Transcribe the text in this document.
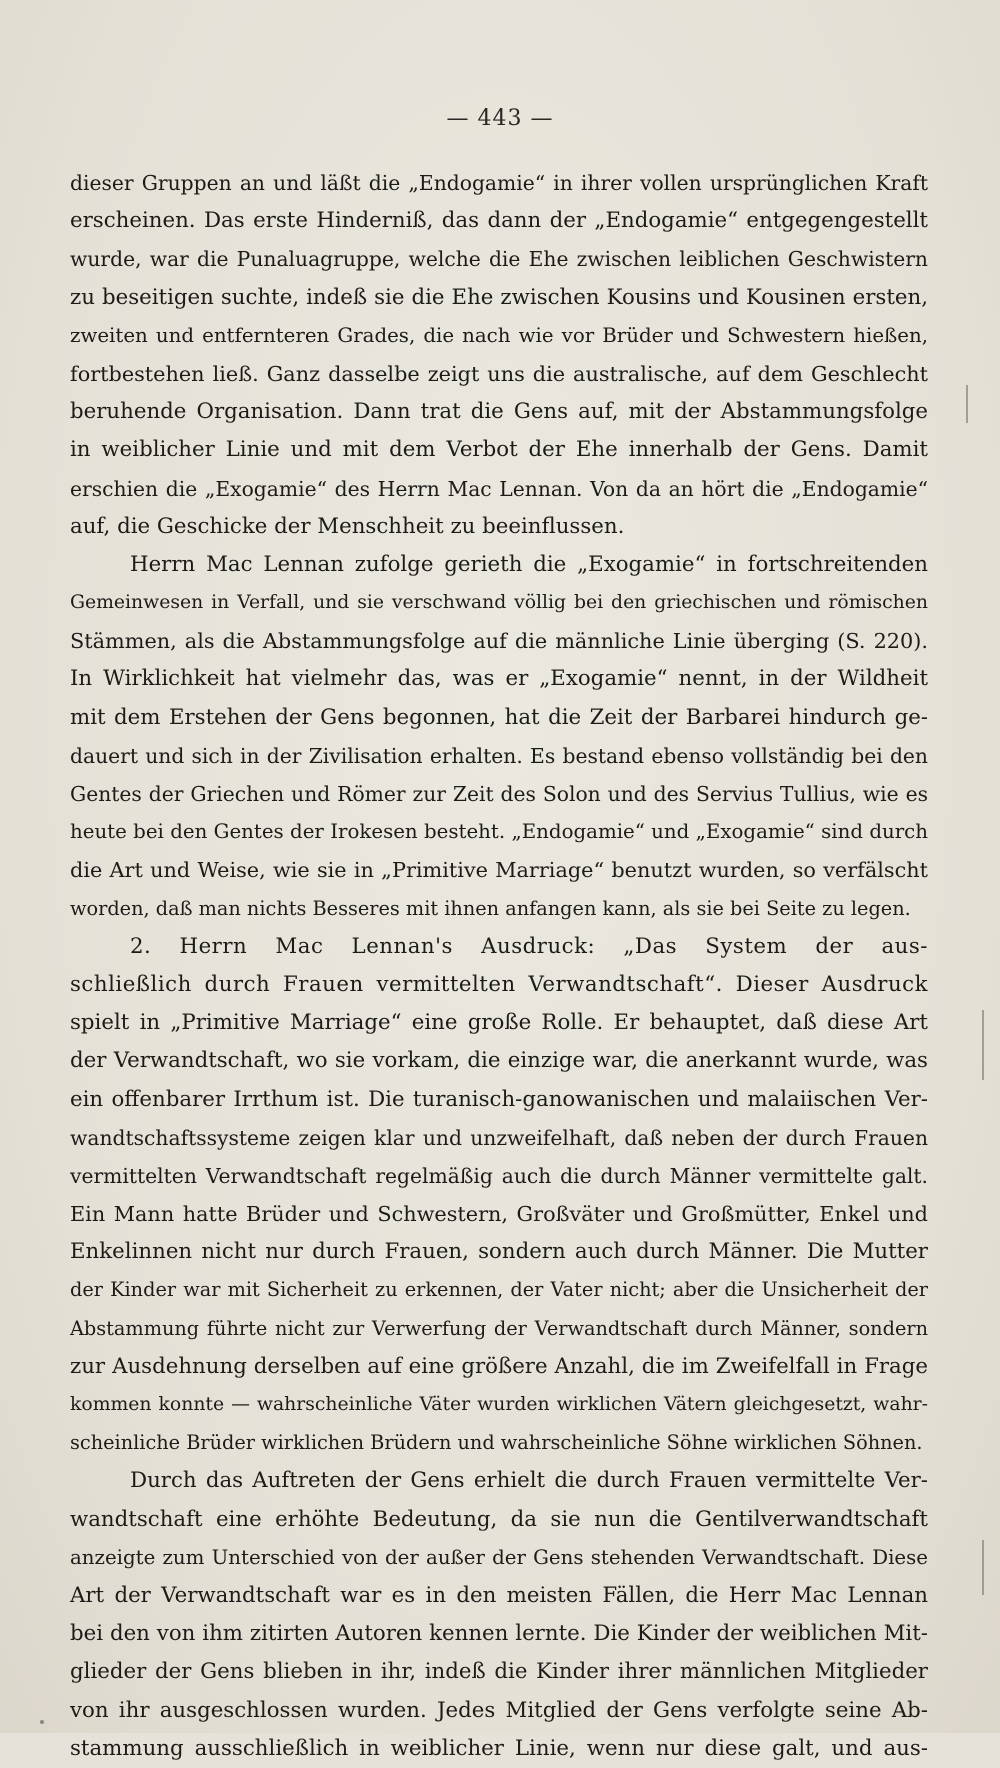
— 443 —
dieser Gruppen an und läßt die „Endogamie“ in ihrer vollen ursprünglichen Kraft
erscheinen. Das erste Hinderniß, das dann der „Endogamie“ entgegengestellt
wurde, war die Punaluagruppe, welche die Ehe zwischen leiblichen Geschwistern
zu beseitigen suchte, indeß sie die Ehe zwischen Kousins und Kousinen ersten,
zweiten und entfernteren Grades, die nach wie vor Brüder und Schwestern hießen,
fortbestehen ließ. Ganz dasselbe zeigt uns die australische, auf dem Geschlecht
beruhende Organisation. Dann trat die Gens auf, mit der Abstammungsfolge
in weiblicher Linie und mit dem Verbot der Ehe innerhalb der Gens. Damit
erschien die „Exogamie“ des Herrn Mac Lennan. Von da an hört die „Endogamie“
auf, die Geschicke der Menschheit zu beeinflussen.
Herrn Mac Lennan zufolge gerieth die „Exogamie“ in fortschreitenden
Gemeinwesen in Verfall, und sie verschwand völlig bei den griechischen und römischen
Stämmen, als die Abstammungsfolge auf die männliche Linie überging (S. 220).
In Wirklichkeit hat vielmehr das, was er „Exogamie“ nennt, in der Wildheit
mit dem Erstehen der Gens begonnen, hat die Zeit der Barbarei hindurch ge-
dauert und sich in der Zivilisation erhalten. Es bestand ebenso vollständig bei den
Gentes der Griechen und Römer zur Zeit des Solon und des Servius Tullius, wie es
heute bei den Gentes der Irokesen besteht. „Endogamie“ und „Exogamie“ sind durch
die Art und Weise, wie sie in „Primitive Marriage“ benutzt wurden, so verfälscht
worden, daß man nichts Besseres mit ihnen anfangen kann, als sie bei Seite zu legen.
2. Herrn Mac Lennan's Ausdruck: „Das System der aus-
schließlich durch Frauen vermittelten Verwandtschaft“. Dieser Ausdruck
spielt in „Primitive Marriage“ eine große Rolle. Er behauptet, daß diese Art
der Verwandtschaft, wo sie vorkam, die einzige war, die anerkannt wurde, was
ein offenbarer Irrthum ist. Die turanisch-ganowanischen und malaiischen Ver-
wandtschaftssysteme zeigen klar und unzweifelhaft, daß neben der durch Frauen
vermittelten Verwandtschaft regelmäßig auch die durch Männer vermittelte galt.
Ein Mann hatte Brüder und Schwestern, Großväter und Großmütter, Enkel und
Enkelinnen nicht nur durch Frauen, sondern auch durch Männer. Die Mutter
der Kinder war mit Sicherheit zu erkennen, der Vater nicht; aber die Unsicherheit der
Abstammung führte nicht zur Verwerfung der Verwandtschaft durch Männer, sondern
zur Ausdehnung derselben auf eine größere Anzahl, die im Zweifelfall in Frage
kommen konnte — wahrscheinliche Väter wurden wirklichen Vätern gleichgesetzt, wahr-
scheinliche Brüder wirklichen Brüdern und wahrscheinliche Söhne wirklichen Söhnen.
Durch das Auftreten der Gens erhielt die durch Frauen vermittelte Ver-
wandtschaft eine erhöhte Bedeutung, da sie nun die Gentilverwandtschaft
anzeigte zum Unterschied von der außer der Gens stehenden Verwandtschaft. Diese
Art der Verwandtschaft war es in den meisten Fällen, die Herr Mac Lennan
bei den von ihm zitirten Autoren kennen lernte. Die Kinder der weiblichen Mit-
glieder der Gens blieben in ihr, indeß die Kinder ihrer männlichen Mitglieder
von ihr ausgeschlossen wurden. Jedes Mitglied der Gens verfolgte seine Ab-
stammung ausschließlich in weiblicher Linie, wenn nur diese galt, und aus-
